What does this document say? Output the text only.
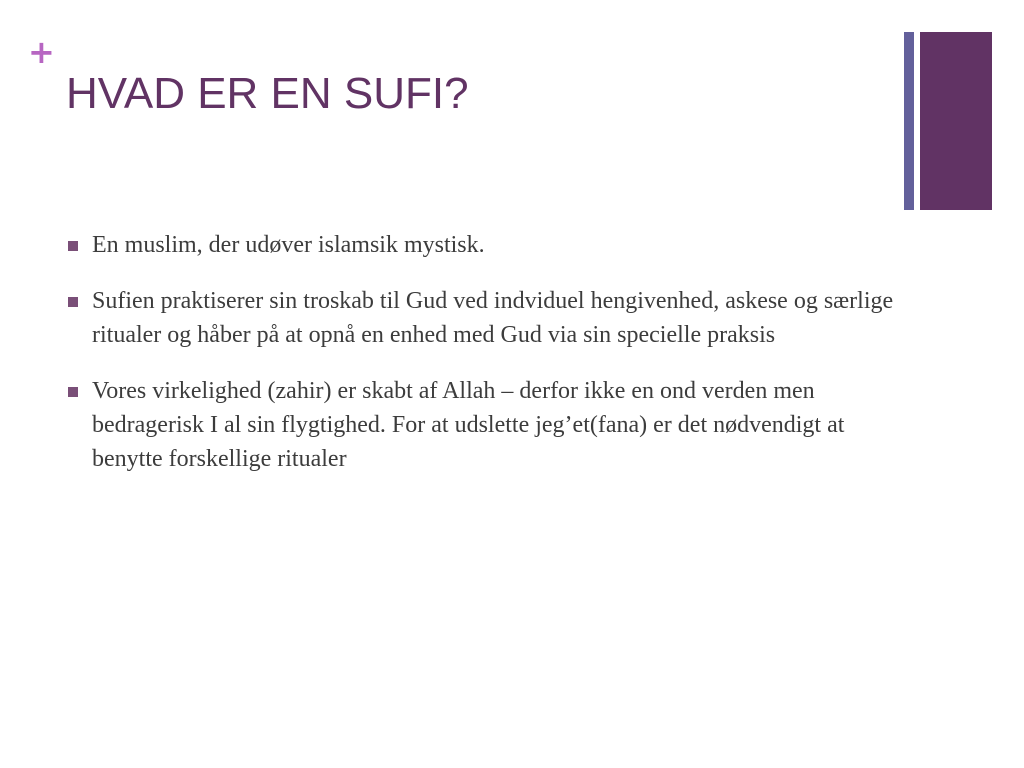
+
HVAD ER EN SUFI?
En muslim, der udøver islamsik mystisk.
Sufien praktiserer sin troskab til Gud ved indviduel hengivenhed, askese og særlige ritualer og håber på at opnå en enhed med Gud via sin specielle praksis
Vores virkelighed (zahir) er skabt af Allah – derfor ikke en ond verden men bedragerisk I al sin flygtighed. For at udslette jeg’et(fana) er det nødvendigt at benytte forskellige ritualer
